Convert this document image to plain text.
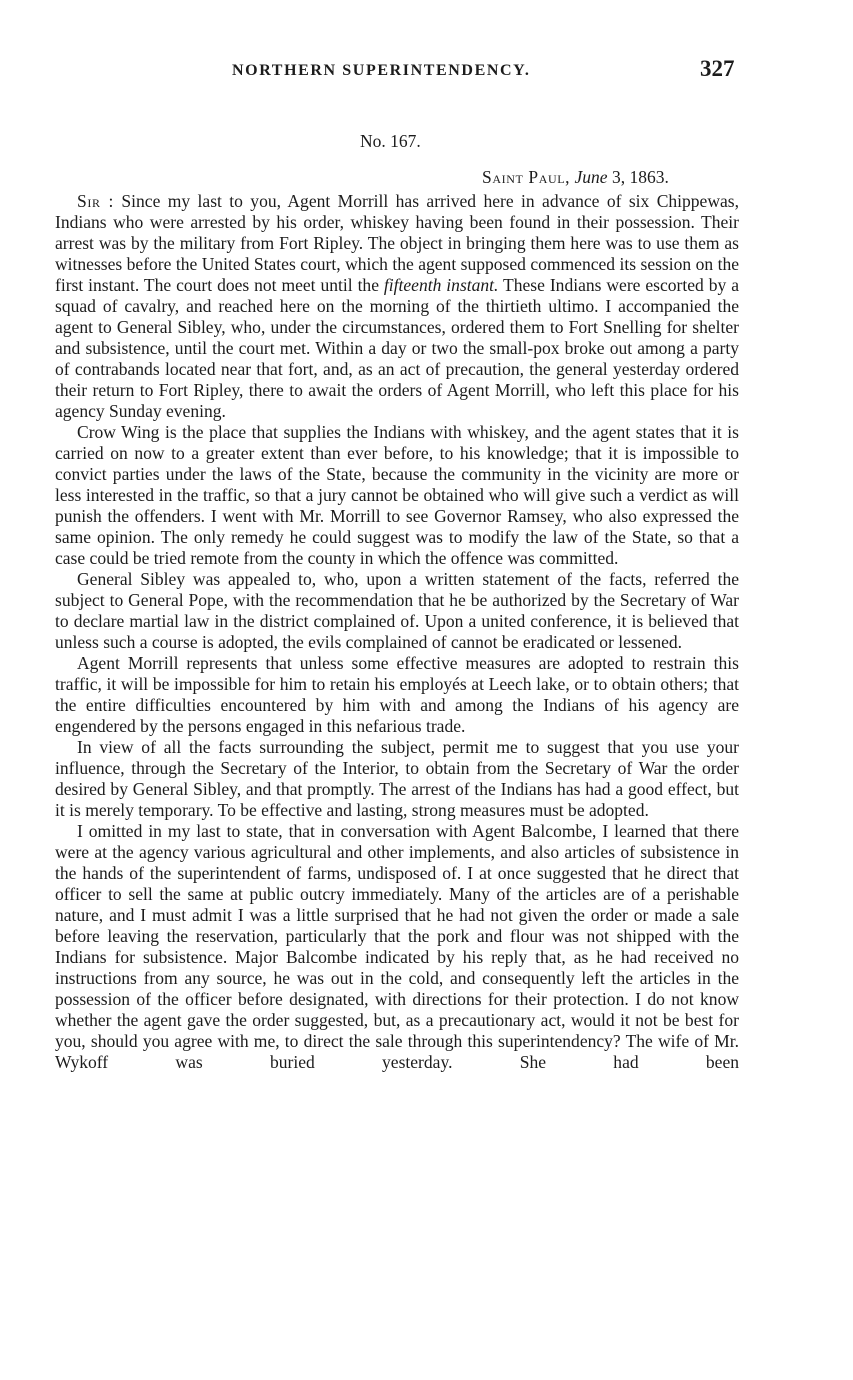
NORTHERN SUPERINTENDENCY.	327
No. 167.
Saint Paul, June 3, 1863.

Sir : Since my last to you, Agent Morrill has arrived here in advance of six Chippewas, Indians who were arrested by his order, whiskey having been found in their possession. Their arrest was by the military from Fort Ripley. The object in bringing them here was to use them as witnesses before the United States court, which the agent supposed commenced its session on the first instant. The court does not meet until the fifteenth instant. These Indians were escorted by a squad of cavalry, and reached here on the morning of the thirtieth ultimo. I accompanied the agent to General Sibley, who, under the circumstances, ordered them to Fort Snelling for shelter and subsistence, until the court met. Within a day or two the small-pox broke out among a party of contrabands located near that fort, and, as an act of precaution, the general yesterday ordered their return to Fort Ripley, there to await the orders of Agent Morrill, who left this place for his agency Sunday evening.

Crow Wing is the place that supplies the Indians with whiskey, and the agent states that it is carried on now to a greater extent than ever before, to his knowledge; that it is impossible to convict parties under the laws of the State, because the community in the vicinity are more or less interested in the traffic, so that a jury cannot be obtained who will give such a verdict as will punish the offenders. I went with Mr. Morrill to see Governor Ramsey, who also expressed the same opinion. The only remedy he could suggest was to modify the law of the State, so that a case could be tried remote from the county in which the offence was committed.

General Sibley was appealed to, who, upon a written statement of the facts, referred the subject to General Pope, with the recommendation that he be authorized by the Secretary of War to declare martial law in the district complained of. Upon a united conference, it is believed that unless such a course is adopted, the evils complained of cannot be eradicated or lessened.

Agent Morrill represents that unless some effective measures are adopted to restrain this traffic, it will be impossible for him to retain his employés at Leech lake, or to obtain others; that the entire difficulties encountered by him with and among the Indians of his agency are engendered by the persons engaged in this nefarious trade.

In view of all the facts surrounding the subject, permit me to suggest that you use your influence, through the Secretary of the Interior, to obtain from the Secretary of War the order desired by General Sibley, and that promptly. The arrest of the Indians has had a good effect, but it is merely temporary. To be effective and lasting, strong measures must be adopted.

I omitted in my last to state, that in conversation with Agent Balcombe, I learned that there were at the agency various agricultural and other implements, and also articles of subsistence in the hands of the superintendent of farms, undisposed of. I at once suggested that he direct that officer to sell the same at public outcry immediately. Many of the articles are of a perishable nature, and I must admit I was a little surprised that he had not given the order or made a sale before leaving the reservation, particularly that the pork and flour was not shipped with the Indians for subsistence. Major Balcombe indicated by his reply that, as he had received no instructions from any source, he was out in the cold, and consequently left the articles in the possession of the officer before designated, with directions for their protection. I do not know whether the agent gave the order suggested, but, as a precautionary act, would it not be best for you, should you agree with me, to direct the sale through this superintendency? The wife of Mr. Wykoff was buried yesterday. She had been
